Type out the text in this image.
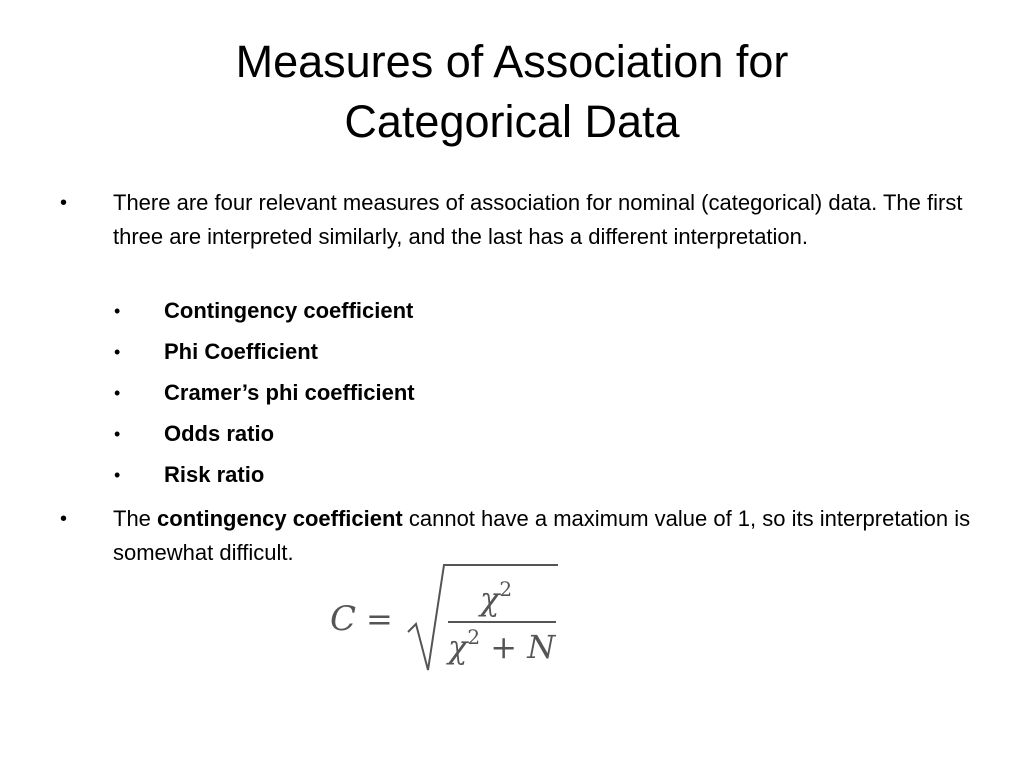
Measures of Association for
Categorical Data
• There are four relevant measures of association for nominal (categorical) data. The first three are interpreted similarly, and the last has a different interpretation.
• Contingency coefficient
• Phi Coefficient
• Cramer’s phi coefficient
• Odds ratio
• Risk ratio
• The contingency coefficient cannot have a maximum value of 1, so its interpretation is somewhat difficult.
C =
$\chi^2$
$\chi^2 + N$
